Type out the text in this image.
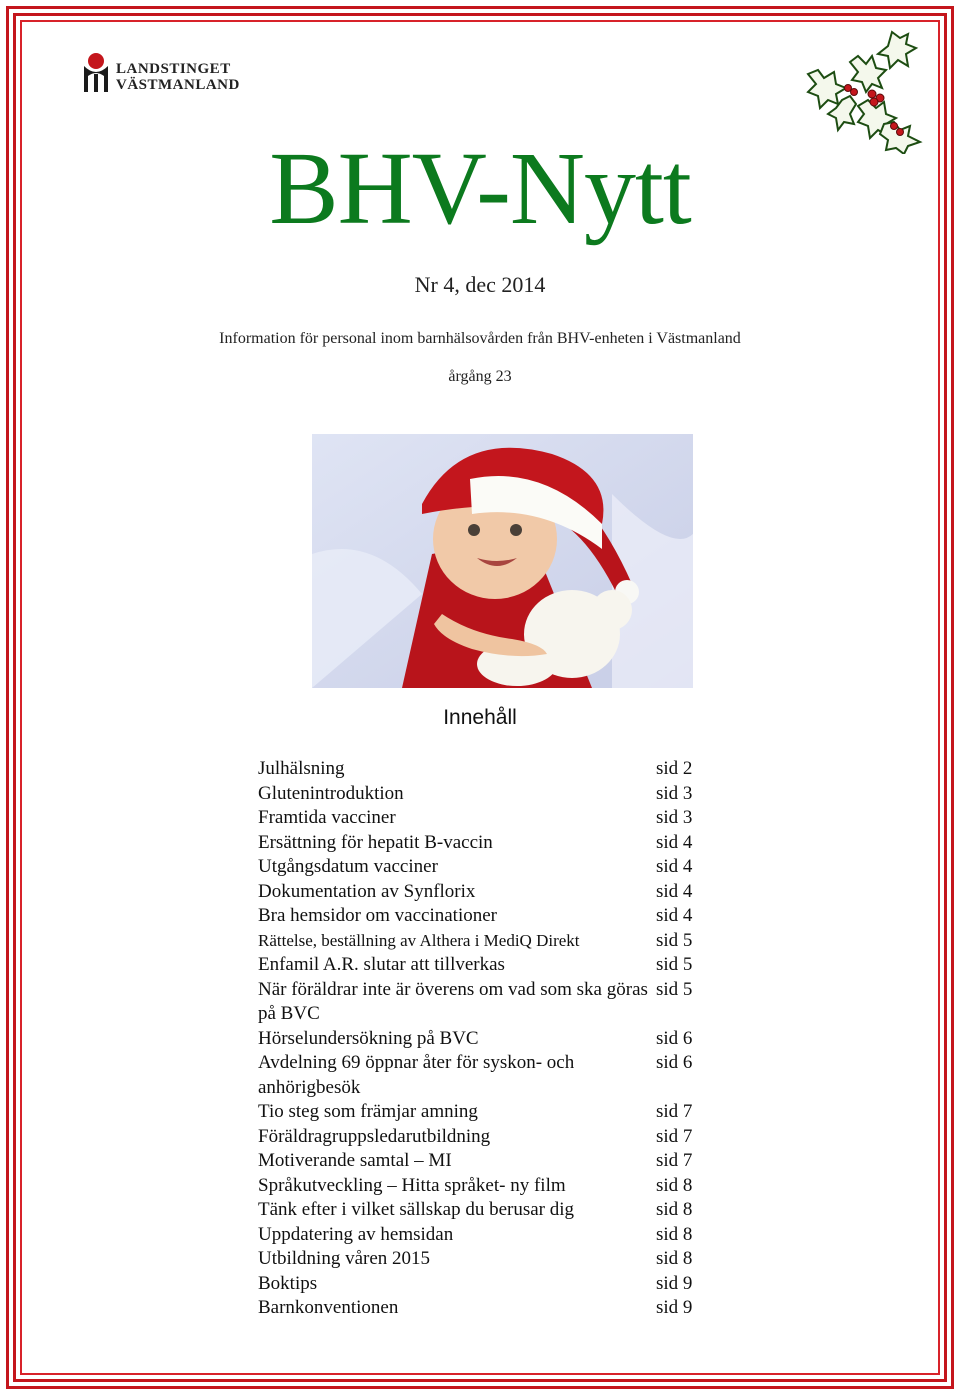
LANDSTINGET
VÄSTMANLAND
BHV-Nytt
Nr 4, dec 2014
Information för personal inom barnhälsovården från BHV-enheten i Västmanland
årgång 23
Innehåll
Julhälsning	sid 2
Glutenintroduktion	sid 3
Framtida vacciner	sid 3
Ersättning för hepatit B-vaccin	sid 4
Utgångsdatum vacciner	sid 4
Dokumentation av Synflorix	sid 4
Bra hemsidor om vaccinationer	sid 4
Rättelse, beställning av Althera i MediQ Direkt	sid 5
Enfamil A.R. slutar att tillverkas	sid 5
När föräldrar inte är överens om vad som ska göras på BVC
sid 5
Hörselundersökning på BVC	sid 6
Avdelning 69 öppnar åter för syskon- och anhörigbesök
sid 6
Tio steg som främjar amning	sid 7
Föräldragruppsledarutbildning	sid 7
Motiverande samtal – MI	sid 7
Språkutveckling – Hitta språket- ny film	sid 8
Tänk efter i vilket sällskap du berusar dig	sid 8
Uppdatering av hemsidan	sid 8
Utbildning våren 2015	sid 8
Boktips	sid 9
Barnkonventionen	sid 9
